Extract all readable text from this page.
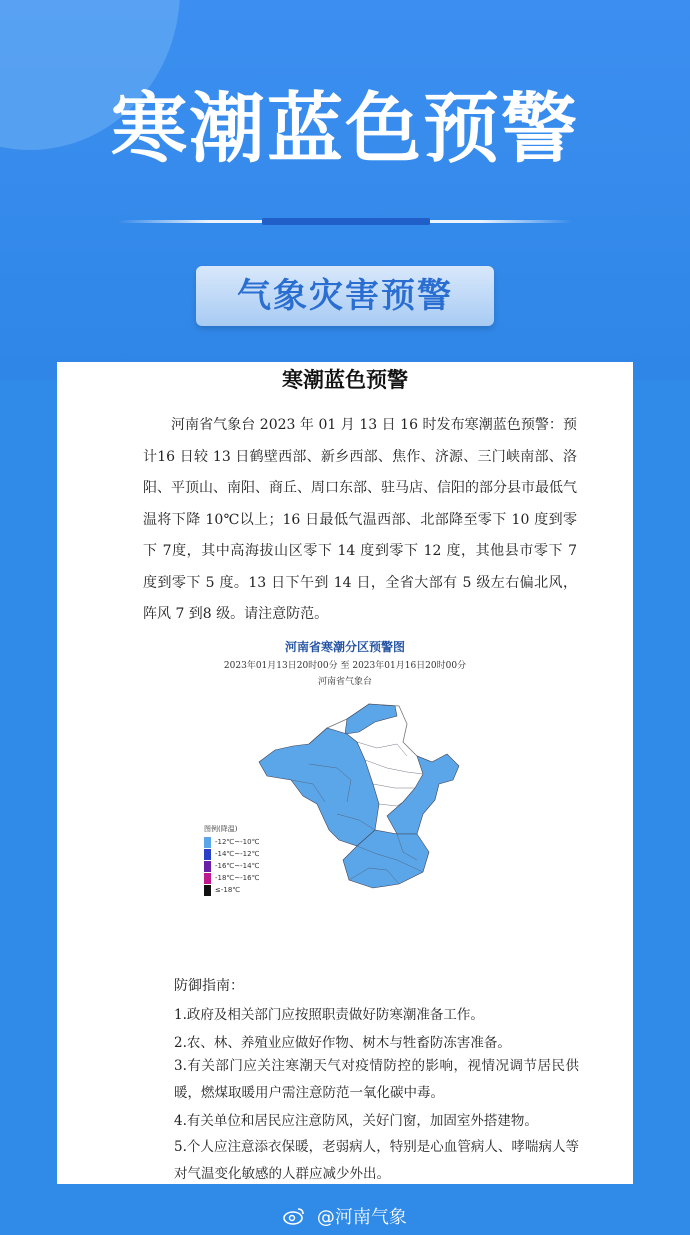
寒潮蓝色预警
气象灾害预警
寒潮蓝色预警
河南省气象台 2023 年 01 月 13 日 16 时发布寒潮蓝色预警：预计16 日较 13 日鹤壁西部、新乡西部、焦作、济源、三门峡南部、洛阳、平顶山、南阳、商丘、周口东部、驻马店、信阳的部分县市最低气温将下降 10℃以上；16 日最低气温西部、北部降至零下 10 度到零下 7度，其中高海拔山区零下 14 度到零下 12 度，其他县市零下 7 度到零下 5 度。13 日下午到 14 日，全省大部有 5 级左右偏北风，阵风 7 到8 级。请注意防范。
河南省寒潮分区预警图
2023年01月13日20时00分 至 2023年01月16日20时00分
河南省气象台
图例(降温)
-12℃~-10℃
-14℃~-12℃
-16℃~-14℃
-18℃~-16℃
≤-18℃
防御指南：
1.政府及相关部门应按照职责做好防寒潮准备工作。
2.农、林、养殖业应做好作物、树木与牲畜防冻害准备。
3.有关部门应关注寒潮天气对疫情防控的影响，视情况调节居民供暖，燃煤取暖用户需注意防范一氧化碳中毒。
4.有关单位和居民应注意防风，关好门窗，加固室外搭建物。
5.个人应注意添衣保暖，老弱病人，特别是心血管病人、哮喘病人等对气温变化敏感的人群应减少外出。
@河南气象
